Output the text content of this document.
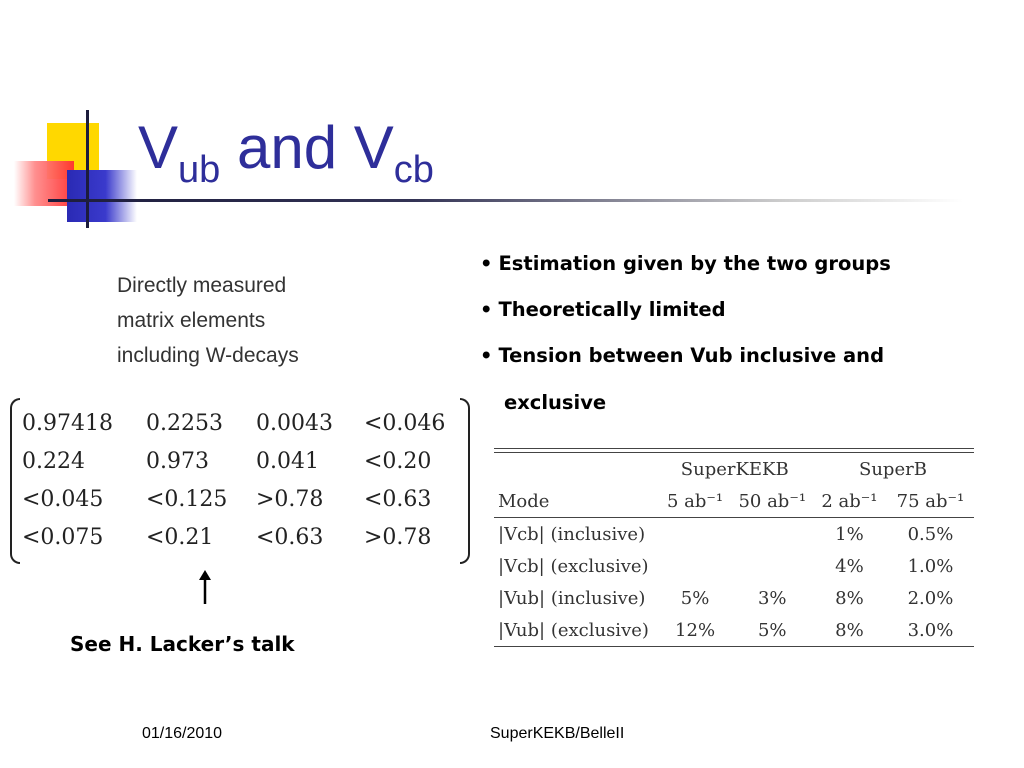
$V_{ub}$ and $V_{cb}$
Directly measured
matrix elements
including W-decays
0.97418	0.2253	0.0043	<0.046
0.224	0.973	0.041	<0.20
<0.045	<0.125	>0.78	<0.63
<0.075	<0.21	<0.63	>0.78
See H. Lacker’s talk
• Estimation given by the two groups
• Theoretically limited
• Tension between Vub inclusive and
exclusive
	SuperKEKB		SuperB	
Mode	5 ab⁻¹	50 ab⁻¹	2 ab⁻¹	75 ab⁻¹
|Vcb| (inclusive)			1%	0.5%
|Vcb| (exclusive)			4%	1.0%
|Vub| (inclusive)	5%	3%	8%	2.0%
|Vub| (exclusive)	12%	5%	8%	3.0%
01/16/2010	SuperKEKB/BelleII
